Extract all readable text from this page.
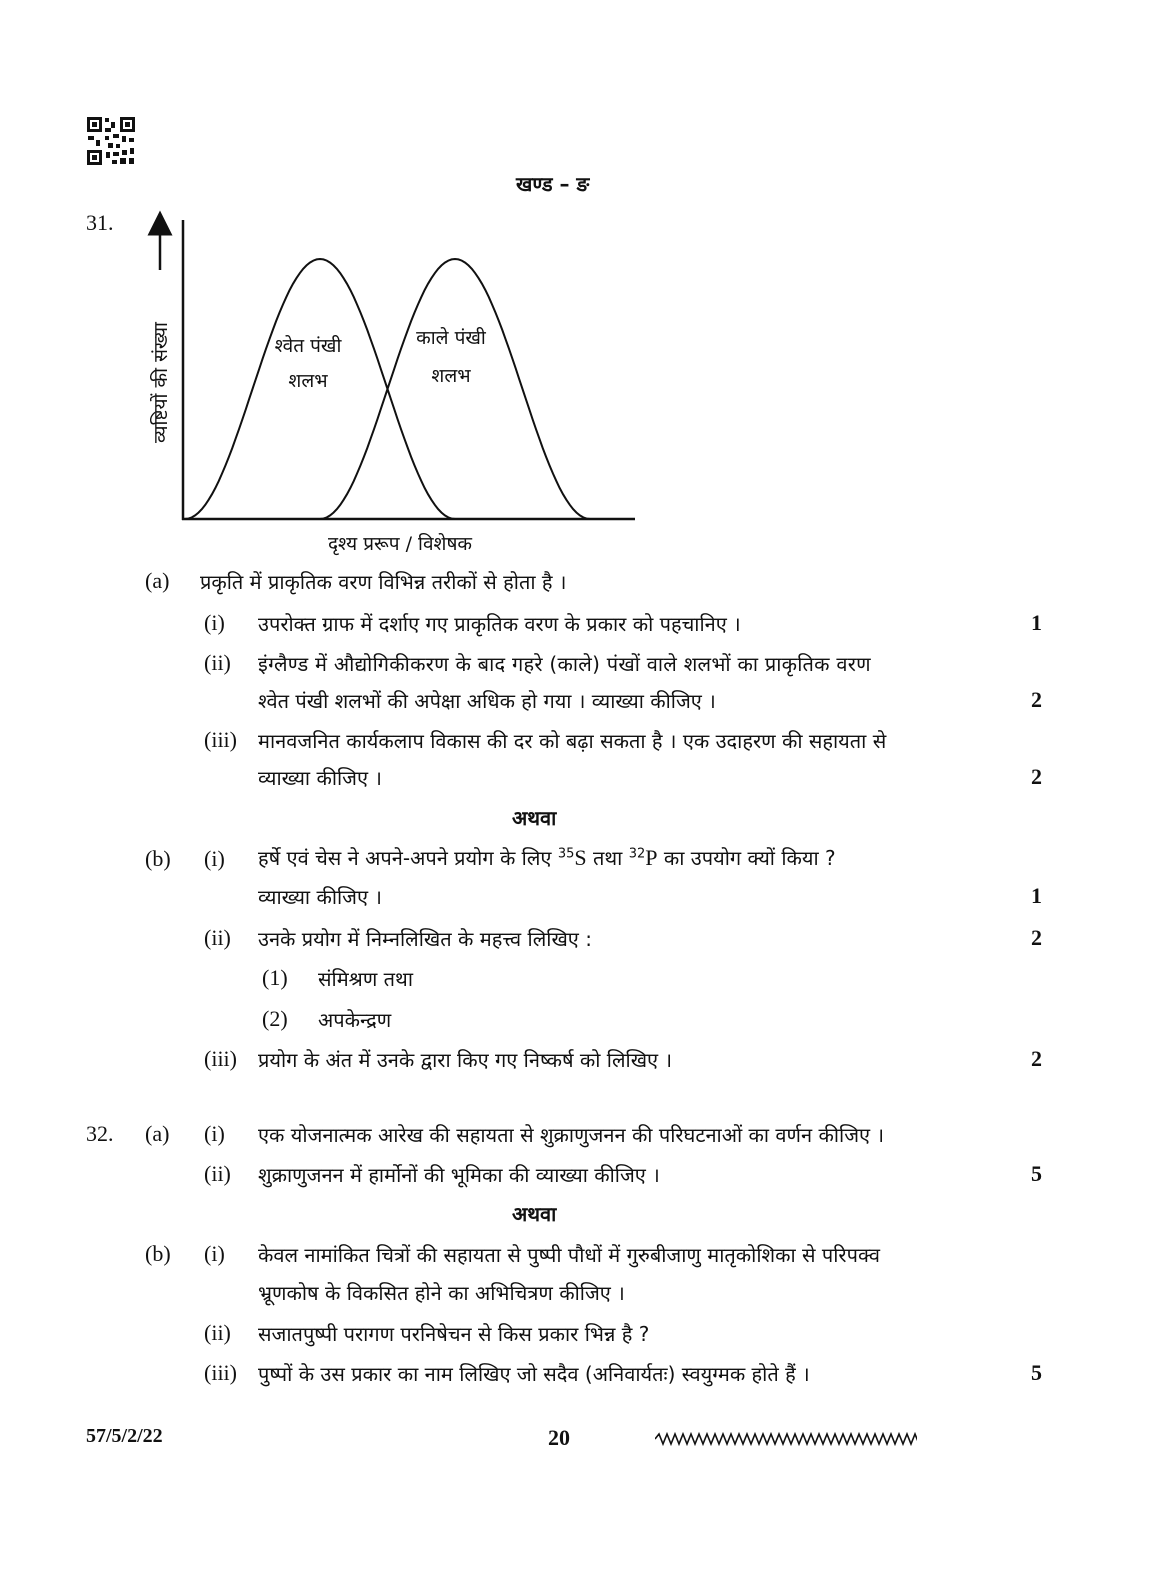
खण्ड – ङ
31.
व्यष्टियों की संख्या	श्वेत पंखी
शलभ
काले पंखी
शलभ
दृश्य प्ररूप / विशेषक
(a) प्रकृति में प्राकृतिक वरण विभिन्न तरीकों से होता है ।
(i) उपरोक्त ग्राफ में दर्शाए गए प्राकृतिक वरण के प्रकार को पहचानिए ।	1
(ii) इंग्लैण्ड में औद्योगिकीकरण के बाद गहरे (काले) पंखों वाले शलभों का प्राकृतिक वरण
श्वेत पंखी शलभों की अपेक्षा अधिक हो गया । व्याख्या कीजिए ।	2
(iii) मानवजनित कार्यकलाप विकास की दर को बढ़ा सकता है । एक उदाहरण की सहायता से
व्याख्या कीजिए ।	2
अथवा
(b) (i) हर्षे एवं चेस ने अपने-अपने प्रयोग के लिए $^{35}$S तथा $^{32}$P का उपयोग क्यों किया ?
व्याख्या कीजिए ।	1
(ii) उनके प्रयोग में निम्नलिखित के महत्त्व लिखिए :	2
(1) संमिश्रण तथा
(2) अपकेन्द्रण
(iii) प्रयोग के अंत में उनके द्वारा किए गए निष्कर्ष को लिखिए ।	2
32. (a) (i) एक योजनात्मक आरेख की सहायता से शुक्राणुजनन की परिघटनाओं का वर्णन कीजिए ।
(ii) शुक्राणुजनन में हार्मोनों की भूमिका की व्याख्या कीजिए ।	5
अथवा
(b) (i) केवल नामांकित चित्रों की सहायता से पुष्पी पौधों में गुरुबीजाणु मातृकोशिका से परिपक्व
भ्रूणकोष के विकसित होने का अभिचित्रण कीजिए ।
(ii) सजातपुष्पी परागण परनिषेचन से किस प्रकार भिन्न है ?
(iii) पुष्पों के उस प्रकार का नाम लिखिए जो सदैव (अनिवार्यतः) स्वयुग्मक होते हैं ।	5
57/5/2/22	20
